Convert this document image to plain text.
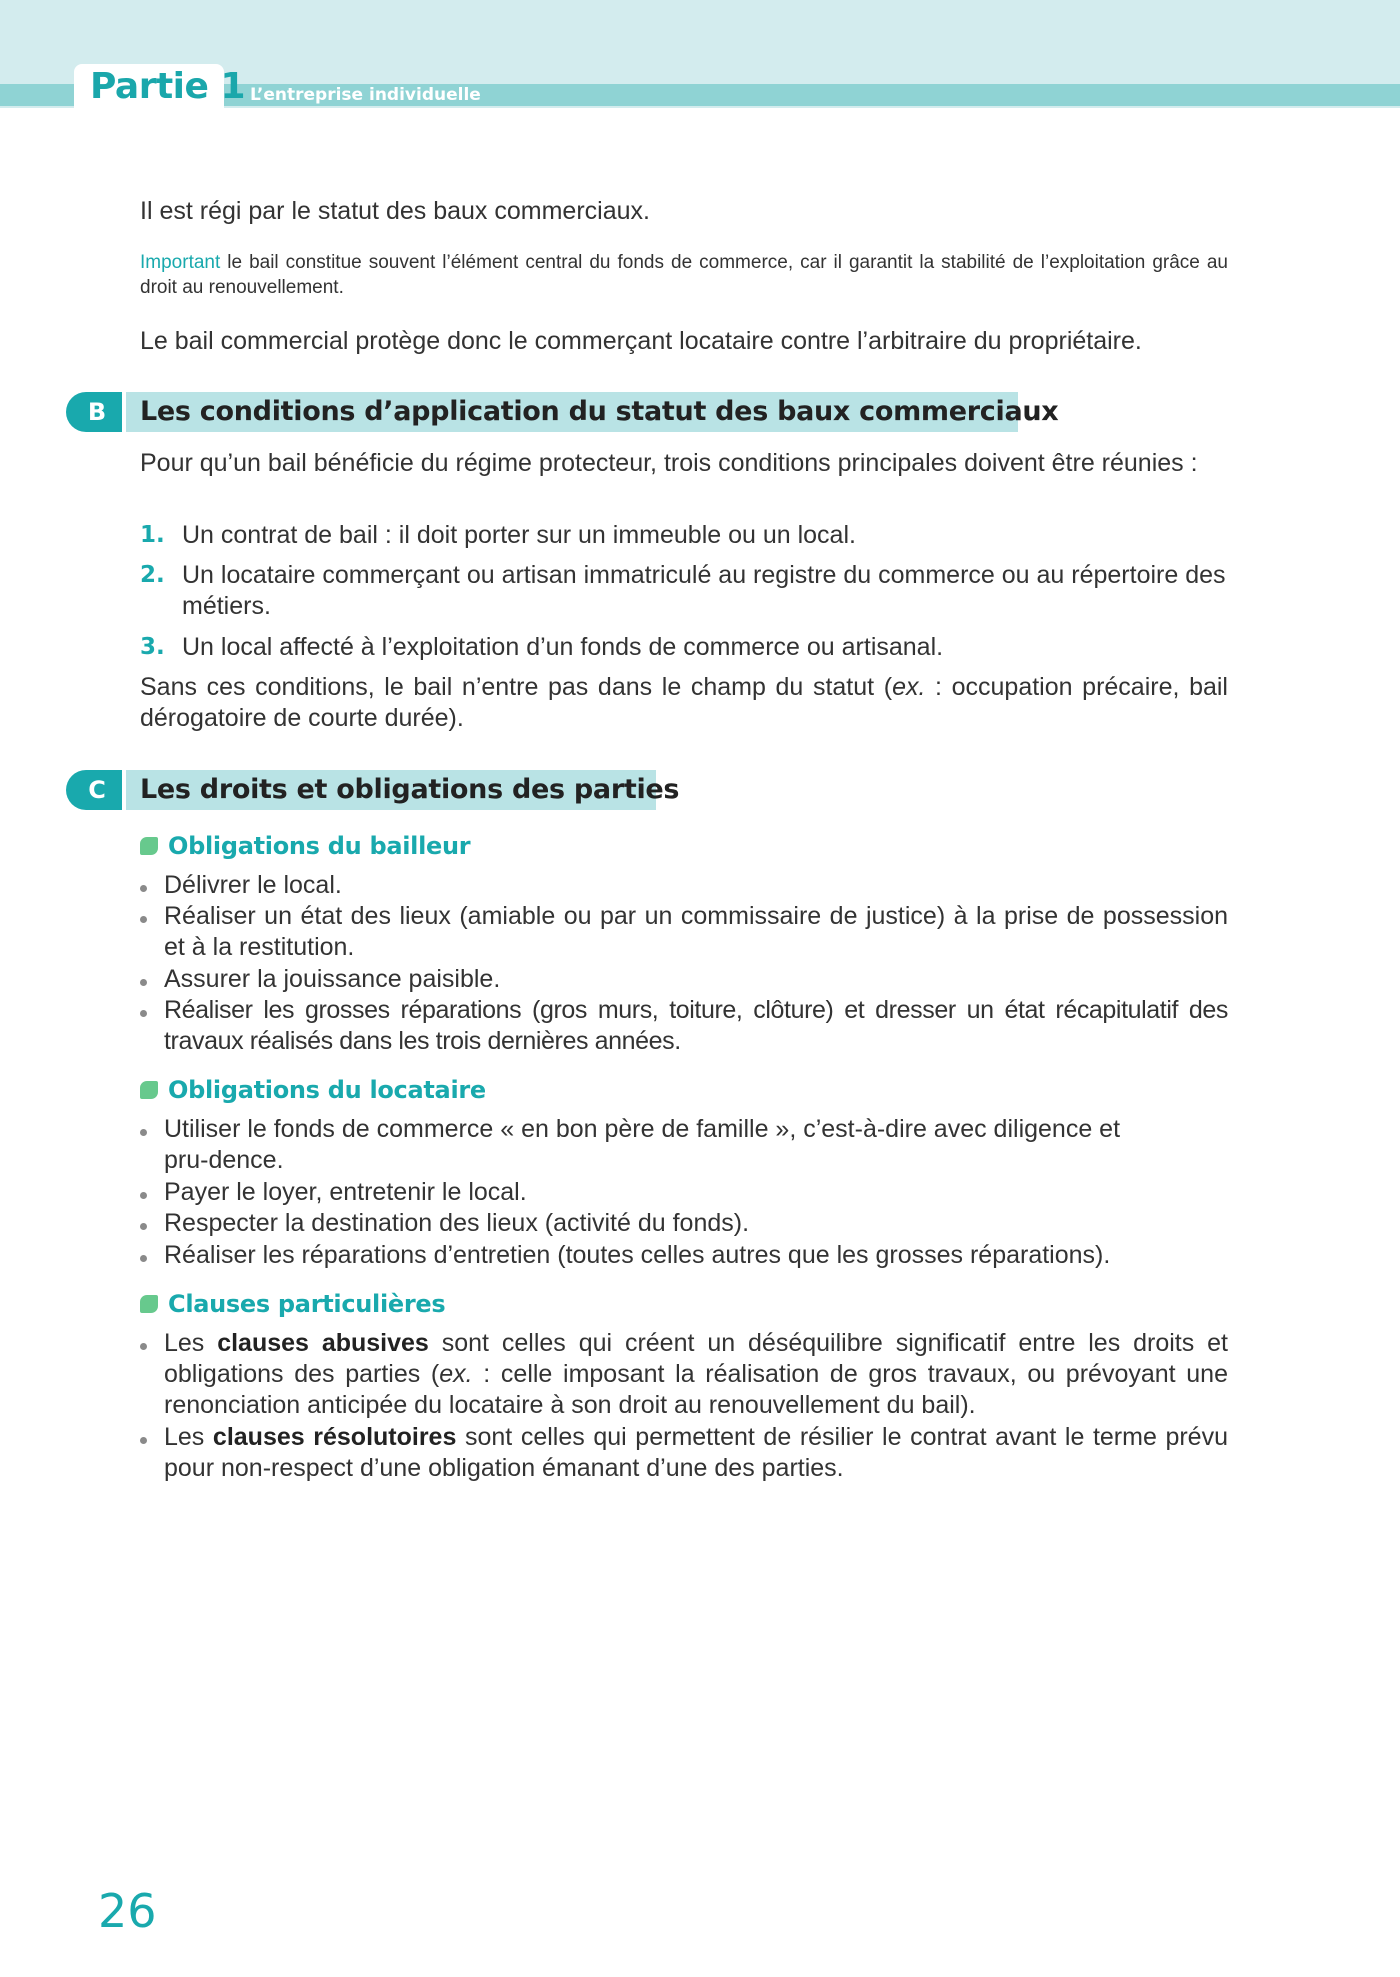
Partie 1 L’entreprise individuelle
Il est régi par le statut des baux commerciaux.
Important le bail constitue souvent l’élément central du fonds de commerce, car il garantit la stabilité de l’exploitation grâce au droit au renouvellement.
Le bail commercial protège donc le commerçant locataire contre l’arbitraire du propriétaire.
B	Les conditions d’application du statut des baux commerciaux
Pour qu’un bail bénéficie du régime protecteur, trois conditions principales doivent être réunies :
1. Un contrat de bail : il doit porter sur un immeuble ou un local.
2. Un locataire commerçant ou artisan immatriculé au registre du commerce ou au répertoire des métiers.
3. Un local affecté à l’exploitation d’un fonds de commerce ou artisanal.
Sans ces conditions, le bail n’entre pas dans le champ du statut (ex. : occupation précaire, bail dérogatoire de courte durée).
C	Les droits et obligations des parties
Obligations du bailleur
Délivrer le local.
Réaliser un état des lieux (amiable ou par un commissaire de justice) à la prise de possession et à la restitution.
Assurer la jouissance paisible.
Réaliser les grosses réparations (gros murs, toiture, clôture) et dresser un état récapitulatif des travaux réalisés dans les trois dernières années.
Obligations du locataire
Utiliser le fonds de commerce « en bon père de famille », c’est-à-dire avec diligence et pru-dence.
Payer le loyer, entretenir le local.
Respecter la destination des lieux (activité du fonds).
Réaliser les réparations d’entretien (toutes celles autres que les grosses réparations).
Clauses particulières
Les clauses abusives sont celles qui créent un déséquilibre significatif entre les droits et obligations des parties (ex. : celle imposant la réalisation de gros travaux, ou prévoyant une renonciation anticipée du locataire à son droit au renouvellement du bail).
Les clauses résolutoires sont celles qui permettent de résilier le contrat avant le terme prévu pour non-respect d’une obligation émanant d’une des parties.
26
